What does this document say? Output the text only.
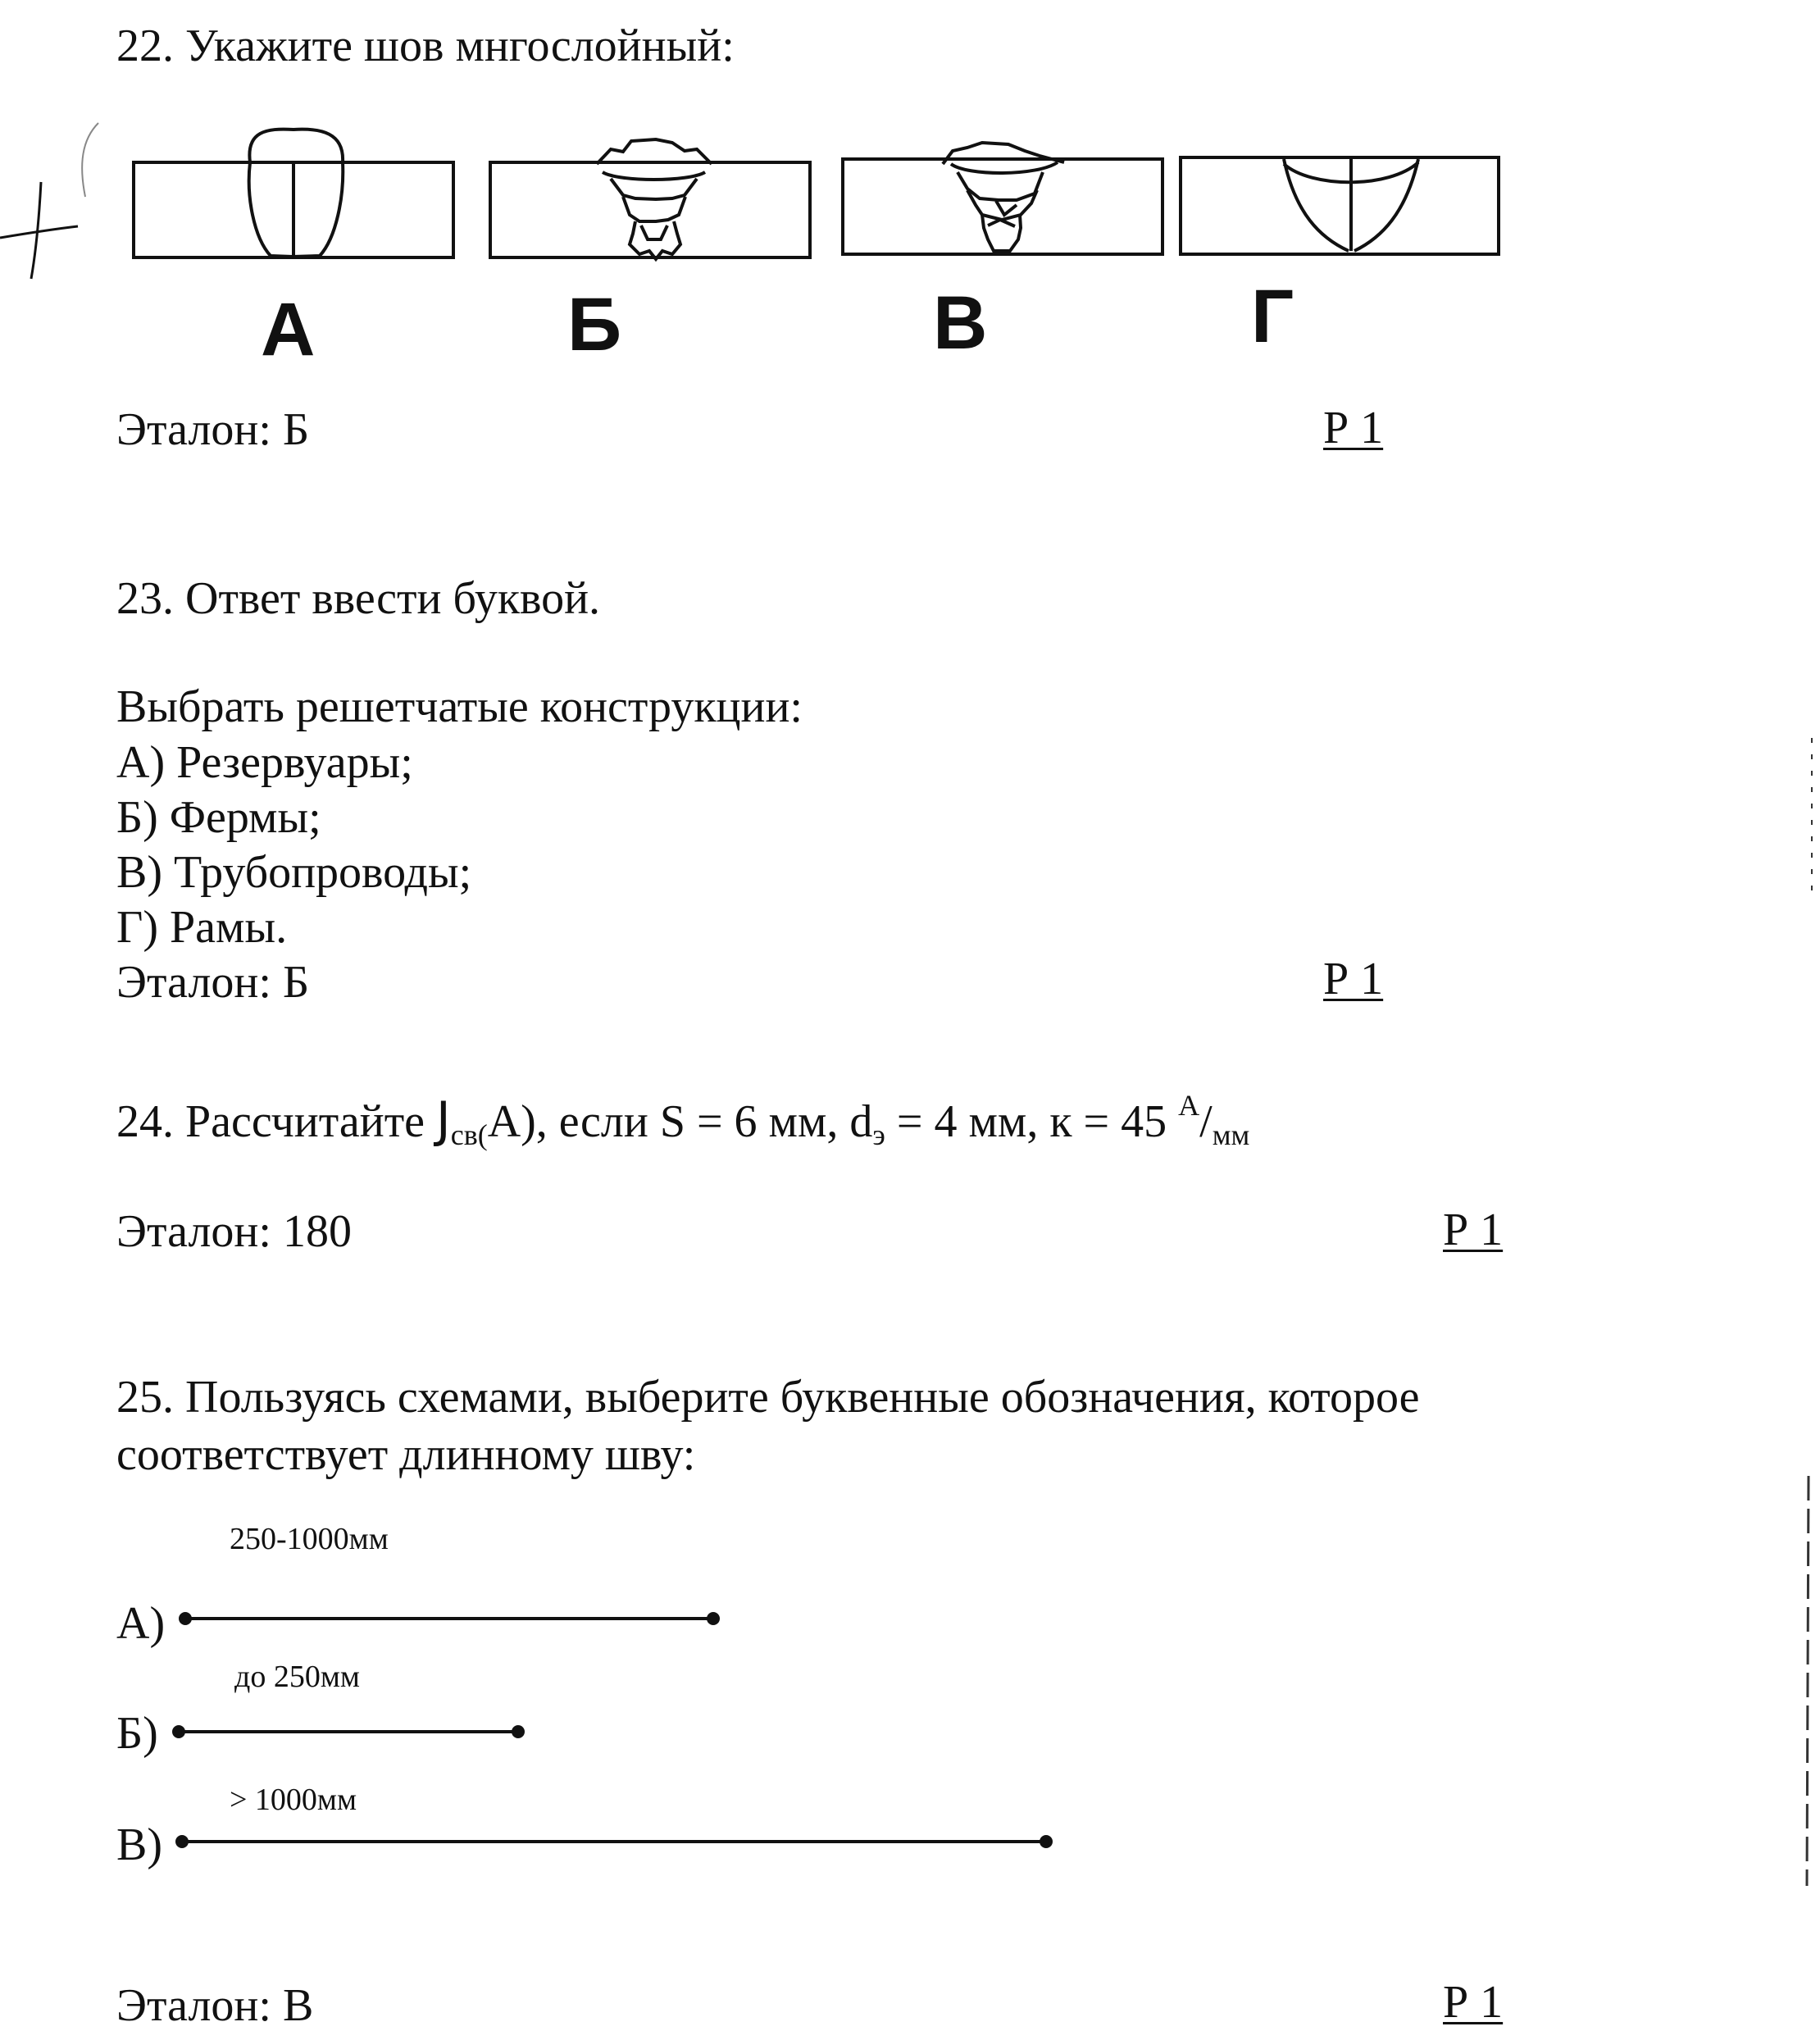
22. Укажите шов мнгослойный:
А	Б	В	Г
Эталон: Б	Р 1
23. Ответ ввести буквой.
Выбрать решетчатые конструкции:
А) Резервуары;
Б) Фермы;
В) Трубопроводы;
Г) Рамы.
Эталон: Б	Р 1
24. Рассчитайте $J_{св(}А$), если S = 6 мм, $d_э = 4$ мм, к = 45 $^А/_{мм}$
Эталон: 180	Р 1
25. Пользуясь схемами, выберите буквенные обозначения, которое
соответствует длинному шву:
250-1000мм
А)
до 250мм
Б)
> 1000мм
В)
Эталон: В	Р 1
